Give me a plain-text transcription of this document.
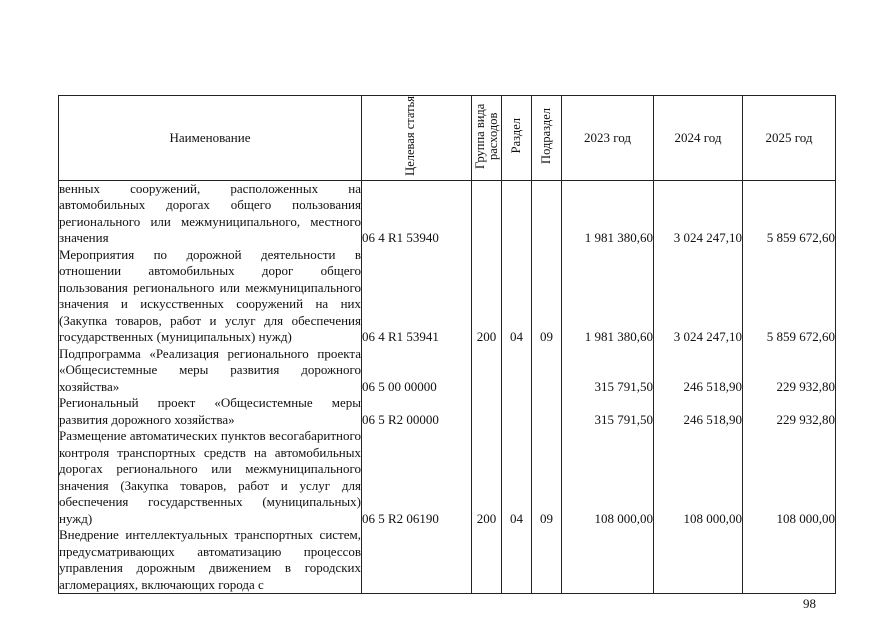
Наименование	Целевая статья	Группа вида расходов	Раздел	Подраздел	2023 год	2024 год	2025 год
венных сооружений, расположенных на автомобильных дорогах общего пользования регионального или межмуниципального, местного значения	06 4 R1 53940				1 981 380,60	3 024 247,10	5 859 672,60
Мероприятия по дорожной деятельности в отношении автомобильных дорог общего пользования регионального или межмуниципального значения и искусственных сооружений на них (Закупка товаров, работ и услуг для обеспечения государственных (муниципальных) нужд)	06 4 R1 53941	200	04	09	1 981 380,60	3 024 247,10	5 859 672,60
Подпрограмма «Реализация регионального проекта «Общесистемные меры развития дорожного хозяйства»	06 5 00 00000				315 791,50	246 518,90	229 932,80
Региональный проект «Общесистемные меры развития дорожного хозяйства»	06 5 R2 00000				315 791,50	246 518,90	229 932,80
Размещение автоматических пунктов весогабаритного контроля транспортных средств на автомобильных дорогах регионального или межмуниципального значения (Закупка товаров, работ и услуг для обеспечения государственных (муниципальных) нужд)	06 5 R2 06190	200	04	09	108 000,00	108 000,00	108 000,00
Внедрение интеллектуальных транспортных систем, предусматривающих автоматизацию процессов управления дорожным движением в городских агломерациях, включающих города с							
98
